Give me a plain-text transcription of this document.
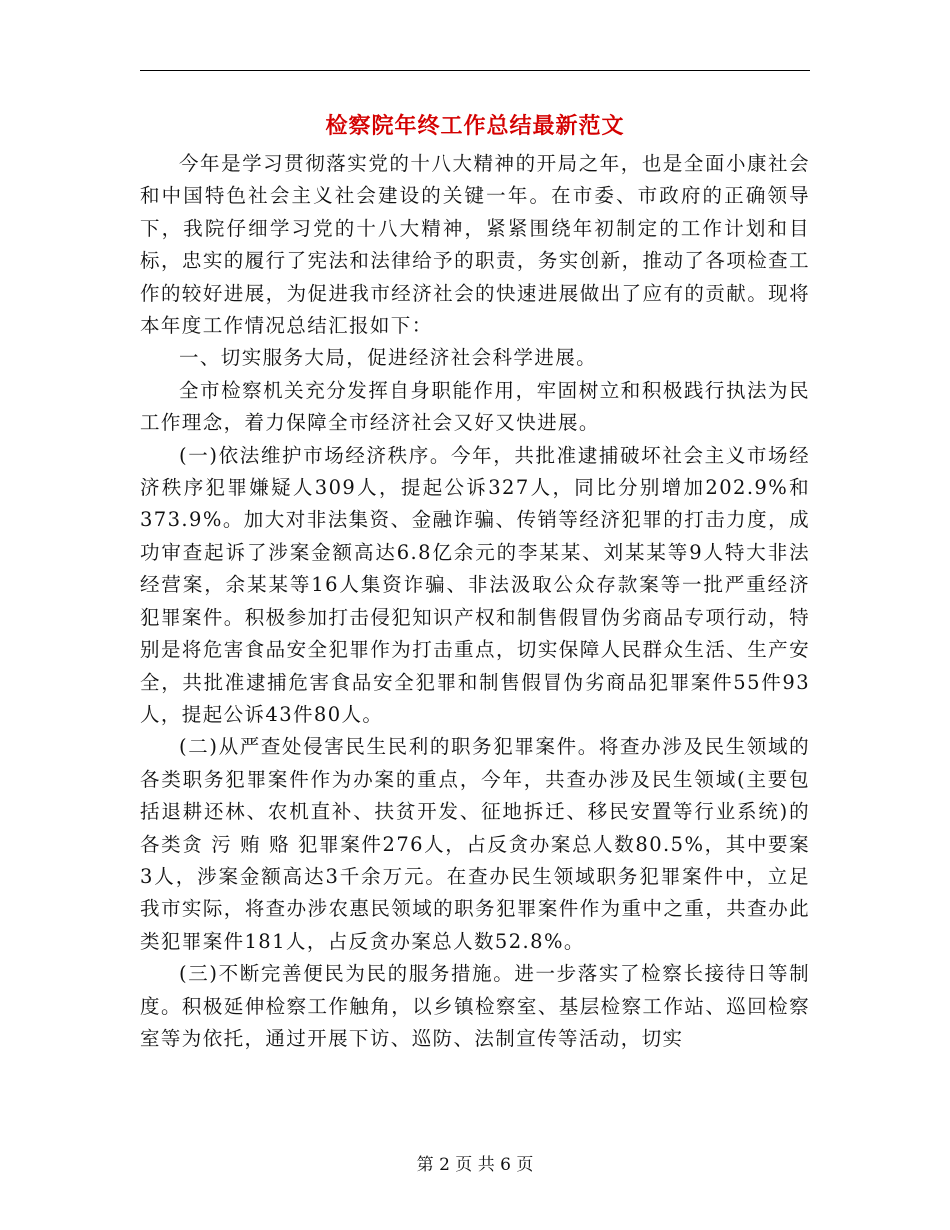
检察院年终工作总结最新范文

今年是学习贯彻落实党的十八大精神的开局之年，也是全面小康社会和中国特色社会主义社会建设的关键一年。在市委、市政府的正确领导下，我院仔细学习党的十八大精神，紧紧围绕年初制定的工作计划和目标，忠实的履行了宪法和法律给予的职责，务实创新，推动了各项检查工作的较好进展，为促进我市经济社会的快速进展做出了应有的贡献。现将本年度工作情况总结汇报如下：

一、切实服务大局，促进经济社会科学进展。

全市检察机关充分发挥自身职能作用，牢固树立和积极践行执法为民工作理念，着力保障全市经济社会又好又快进展。

(一)依法维护市场经济秩序。今年，共批准逮捕破坏社会主义市场经济秩序犯罪嫌疑人309人，提起公诉327人，同比分别增加202.9%和373.9%。加大对非法集资、金融诈骗、传销等经济犯罪的打击力度，成功审查起诉了涉案金额高达6.8亿余元的李某某、刘某某等9人特大非法经营案，余某某等16人集资诈骗、非法汲取公众存款案等一批严重经济犯罪案件。积极参加打击侵犯知识产权和制售假冒伪劣商品专项行动，特别是将危害食品安全犯罪作为打击重点，切实保障人民群众生活、生产安全，共批准逮捕危害食品安全犯罪和制售假冒伪劣商品犯罪案件55件93人，提起公诉43件80人。

(二)从严查处侵害民生民利的职务犯罪案件。将查办涉及民生领域的各类职务犯罪案件作为办案的重点，今年，共查办涉及民生领域(主要包括退耕还林、农机直补、扶贫开发、征地拆迁、移民安置等行业系统)的各类贪 污 贿 赂 犯罪案件276人，占反贪办案总人数80.5%，其中要案3人，涉案金额高达3千余万元。在查办民生领域职务犯罪案件中，立足我市实际，将查办涉农惠民领域的职务犯罪案件作为重中之重，共查办此类犯罪案件181人，占反贪办案总人数52.8%。

(三)不断完善便民为民的服务措施。进一步落实了检察长接待日等制度。积极延伸检察工作触角，以乡镇检察室、基层检察工作站、巡回检察室等为依托，通过开展下访、巡防、法制宣传等活动，切实

第 2 页 共 6 页
